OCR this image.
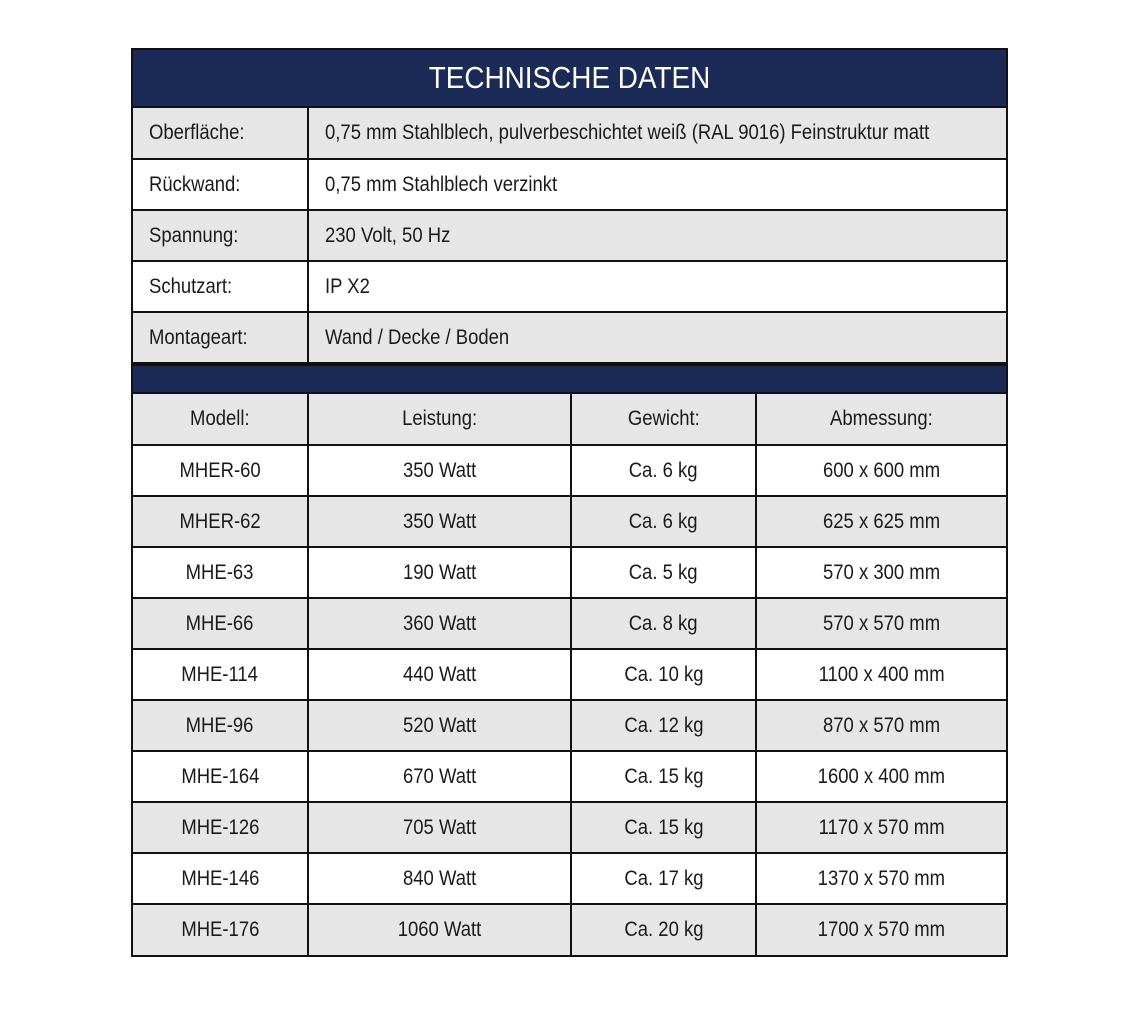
TECHNISCHE DATEN
Oberfläche:	0,75 mm Stahlblech, pulverbeschichtet weiß (RAL 9016) Feinstruktur matt
Rückwand:	0,75 mm Stahlblech verzinkt
Spannung:	230 Volt, 50 Hz
Schutzart:	IP X2
Montageart:	Wand / Decke / Boden
Modell:	Leistung:	Gewicht:	Abmessung:
MHER-60	350 Watt	Ca. 6 kg	600 x 600 mm
MHER-62	350 Watt	Ca. 6 kg	625 x 625 mm
MHE-63	190 Watt	Ca. 5 kg	570 x 300 mm
MHE-66	360 Watt	Ca. 8 kg	570 x 570 mm
MHE-114	440 Watt	Ca. 10 kg	1100 x 400 mm
MHE-96	520 Watt	Ca. 12 kg	870 x 570 mm
MHE-164	670 Watt	Ca. 15 kg	1600 x 400 mm
MHE-126	705 Watt	Ca. 15 kg	1170 x 570 mm
MHE-146	840 Watt	Ca. 17 kg	1370 x 570 mm
MHE-176	1060 Watt	Ca. 20 kg	1700 x 570 mm
